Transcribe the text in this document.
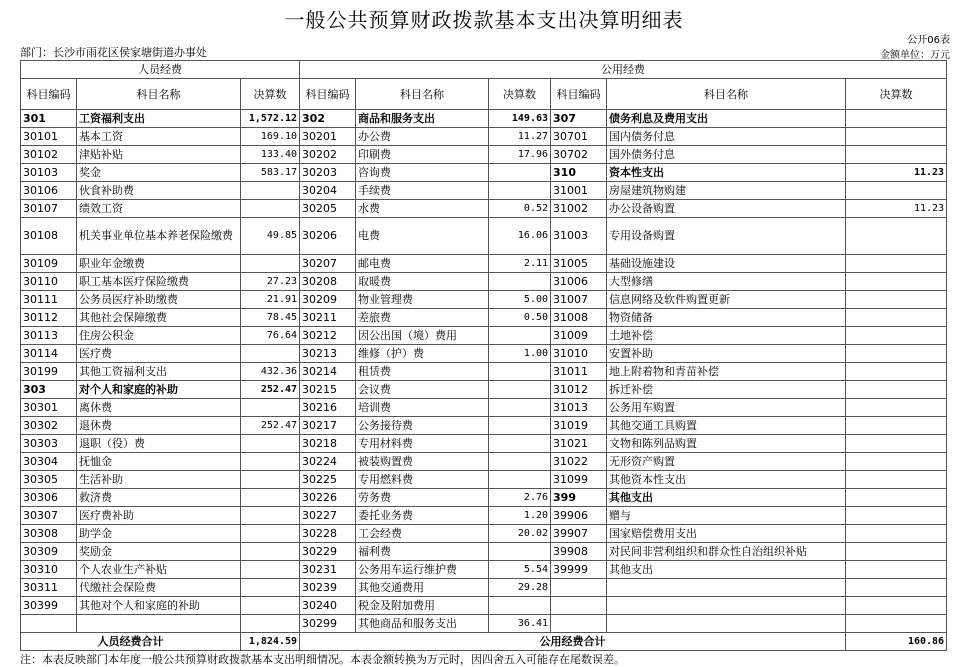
一般公共预算财政拨款基本支出决算明细表
公开06表
部门：长沙市雨花区侯家塘街道办事处	金额单位：万元
人员经费			公用经费					
科目编码	科目名称	决算数	科目编码	科目名称	决算数	科目编码	科目名称	决算数
301	工资福利支出	1,572.12	302	商品和服务支出	149.63	307	债务利息及费用支出	
30101	基本工资	169.10	30201	办公费	11.27	30701	国内债务付息	
30102	津贴补贴	133.40	30202	印刷费	17.96	30702	国外债务付息	
30103	奖金	583.17	30203	咨询费		310	资本性支出	11.23
30106	伙食补助费		30204	手续费		31001	房屋建筑物购建	
30107	绩效工资		30205	水费	0.52	31002	办公设备购置	11.23
30108	机关事业单位基本养老保险缴费	49.85	30206	电费	16.06	31003	专用设备购置	
30109	职业年金缴费		30207	邮电费	2.11	31005	基础设施建设	
30110	职工基本医疗保险缴费	27.23	30208	取暖费		31006	大型修缮	
30111	公务员医疗补助缴费	21.91	30209	物业管理费	5.00	31007	信息网络及软件购置更新	
30112	其他社会保障缴费	78.45	30211	差旅费	0.50	31008	物资储备	
30113	住房公积金	76.64	30212	因公出国（境）费用		31009	土地补偿	
30114	医疗费		30213	维修（护）费	1.00	31010	安置补助	
30199	其他工资福利支出	432.36	30214	租赁费		31011	地上附着物和青苗补偿	
303	对个人和家庭的补助	252.47	30215	会议费		31012	拆迁补偿	
30301	离休费		30216	培训费		31013	公务用车购置	
30302	退休费	252.47	30217	公务接待费		31019	其他交通工具购置	
30303	退职（役）费		30218	专用材料费		31021	文物和陈列品购置	
30304	抚恤金		30224	被装购置费		31022	无形资产购置	
30305	生活补助		30225	专用燃料费		31099	其他资本性支出	
30306	救济费		30226	劳务费	2.76	399	其他支出	
30307	医疗费补助		30227	委托业务费	1.20	39906	赠与	
30308	助学金		30228	工会经费	20.02	39907	国家赔偿费用支出	
30309	奖励金		30229	福利费		39908	对民间非营利组织和群众性自治组织补贴	
30310	个人农业生产补贴		30231	公务用车运行维护费	5.54	39999	其他支出	
30311	代缴社会保险费		30239	其他交通费用	29.28			
30399	其他对个人和家庭的补助		30240	税金及附加费用				
			30299	其他商品和服务支出	36.41			
人员经费合计		1,824.59	公用经费合计					160.86
注：本表反映部门本年度一般公共预算财政拨款基本支出明细情况。本表金额转换为万元时，因四舍五入可能存在尾数误差。
